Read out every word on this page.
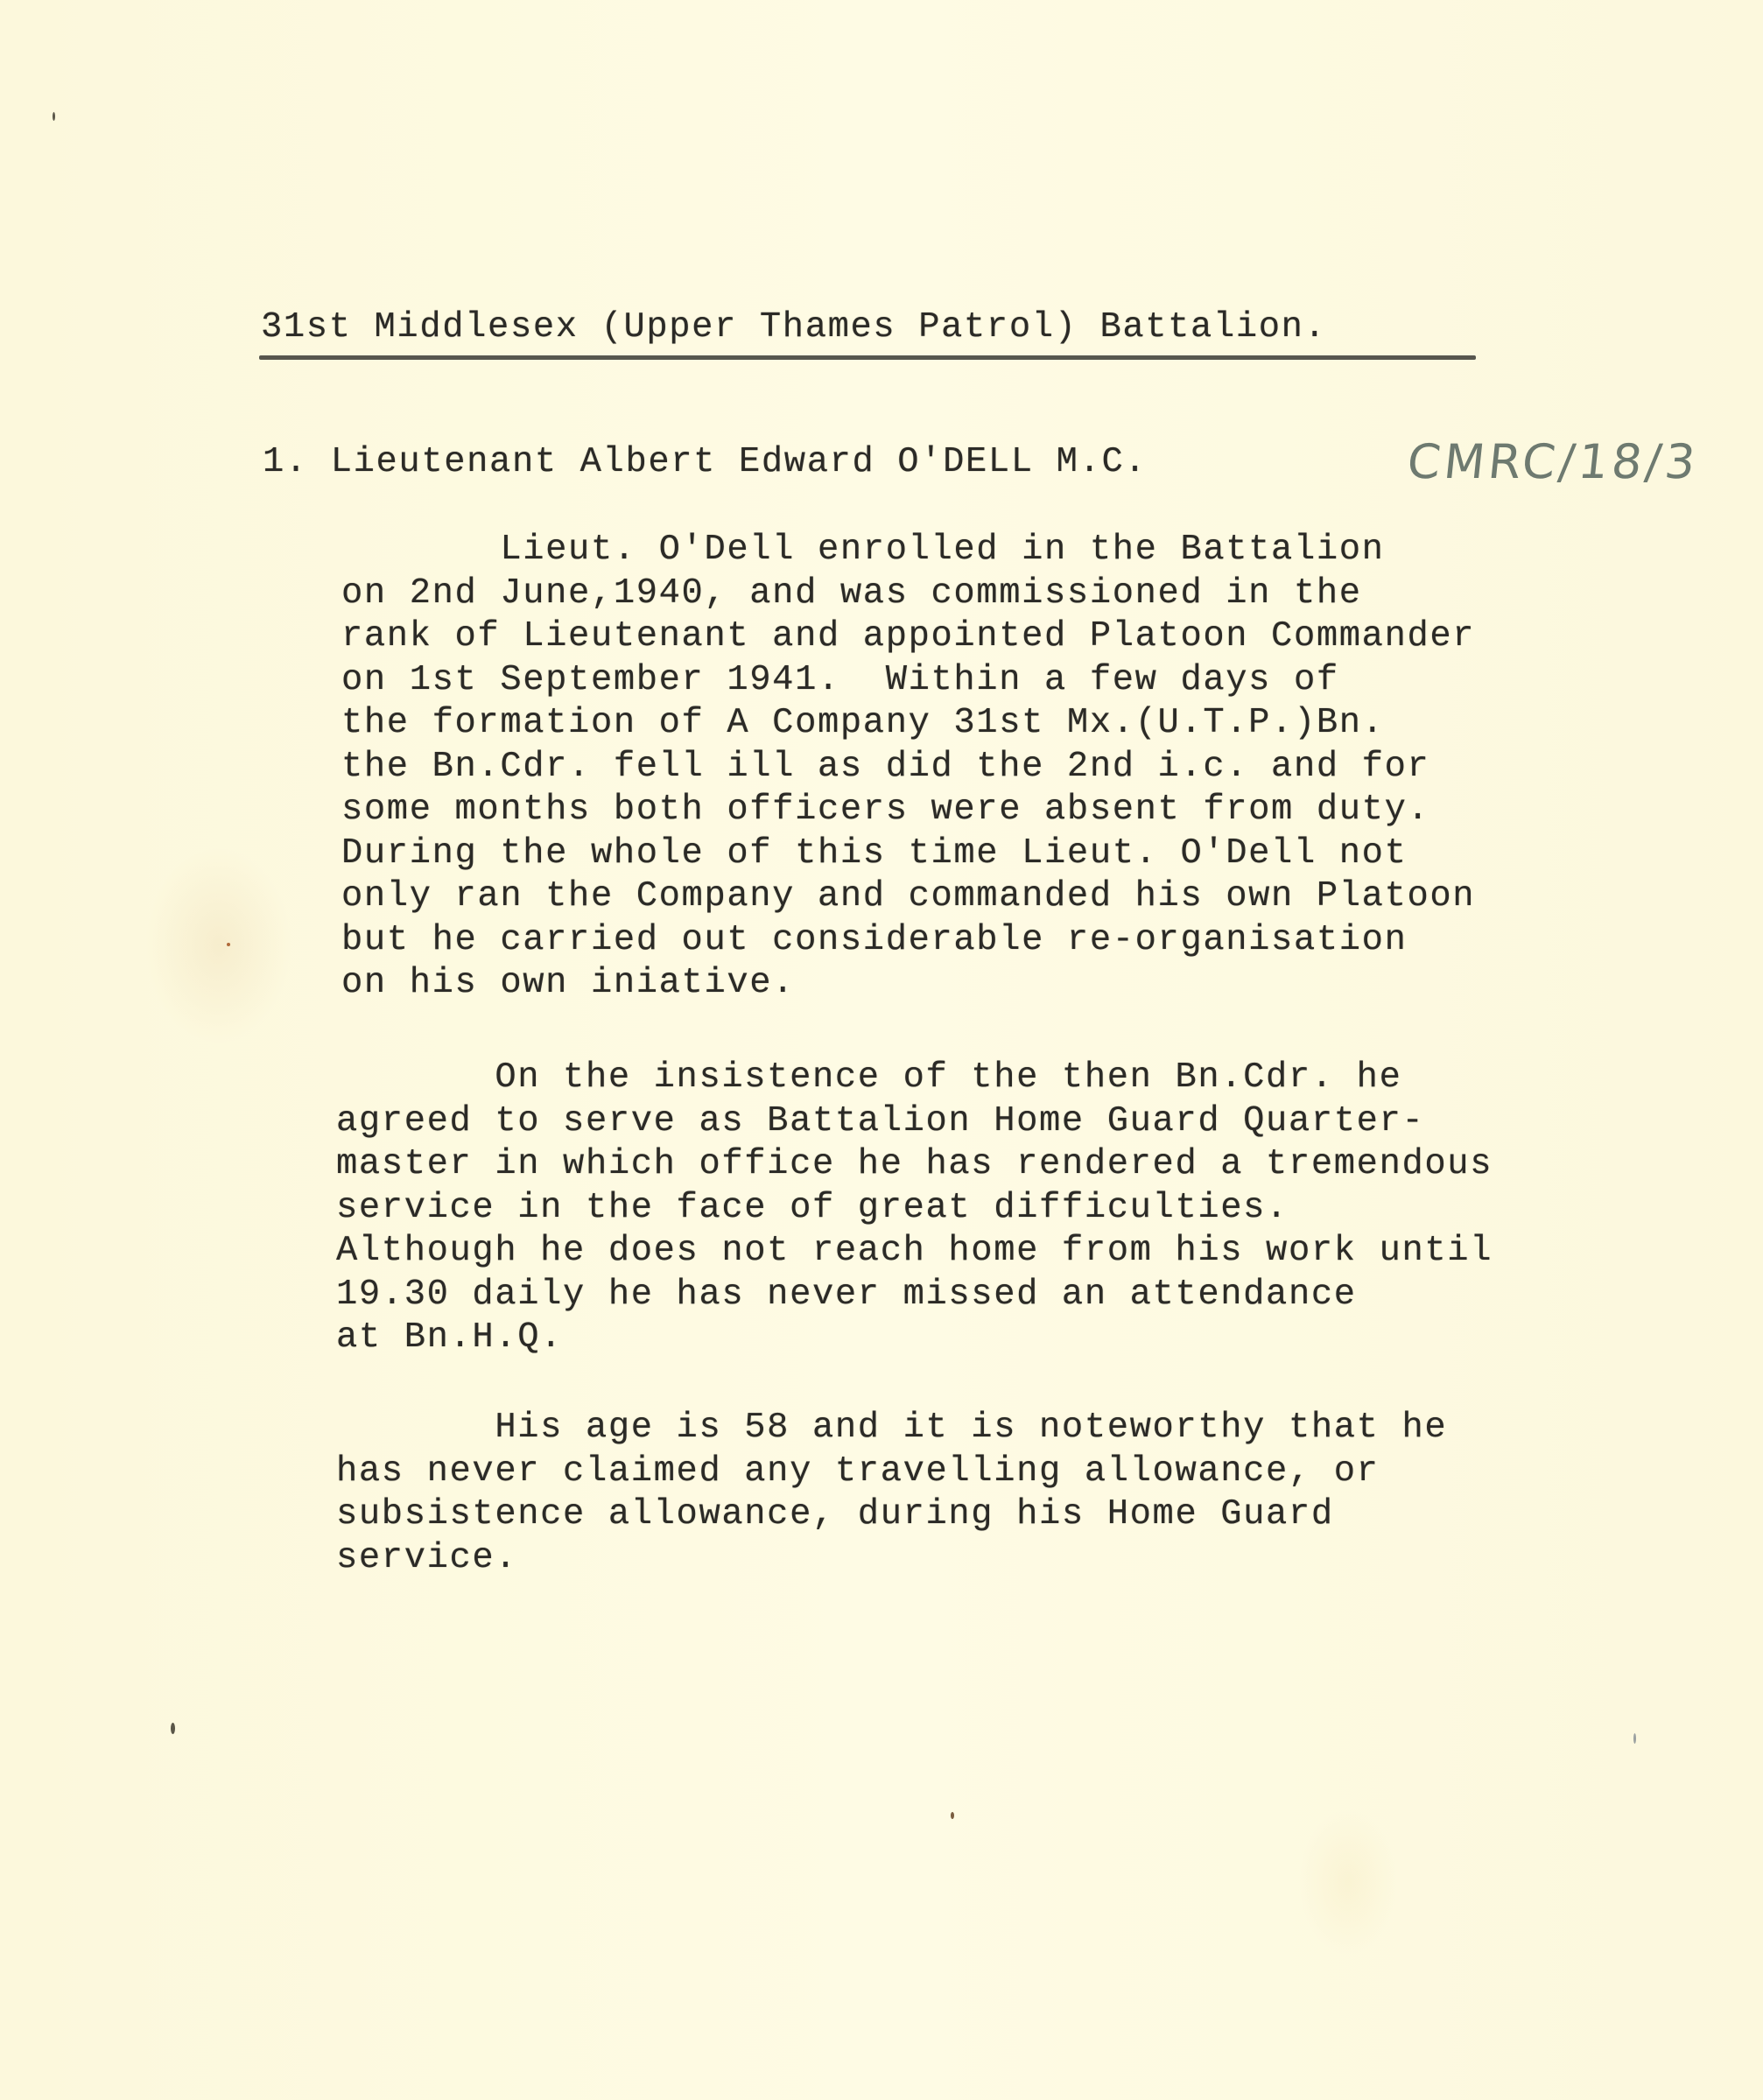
31st Middlesex (Upper Thames Patrol) Battalion.
1. Lieutenant Albert Edward O'DELL M.C.	CMRC/18/3
Lieut. O'Dell enrolled in the Battalion
on 2nd June,1940, and was commissioned in the
rank of Lieutenant and appointed Platoon Commander
on 1st September 1941.  Within a few days of
the formation of A Company 31st Mx.(U.T.P.)Bn.
the Bn.Cdr. fell ill as did the 2nd i.c. and for
some months both officers were absent from duty.
During the whole of this time Lieut. O'Dell not
only ran the Company and commanded his own Platoon
but he carried out considerable re-organisation
on his own iniative.
On the insistence of the then Bn.Cdr. he
agreed to serve as Battalion Home Guard Quarter-
master in which office he has rendered a tremendous
service in the face of great difficulties.
Although he does not reach home from his work until
19.30 daily he has never missed an attendance
at Bn.H.Q.
His age is 58 and it is noteworthy that he
has never claimed any travelling allowance, or
subsistence allowance, during his Home Guard
service.
